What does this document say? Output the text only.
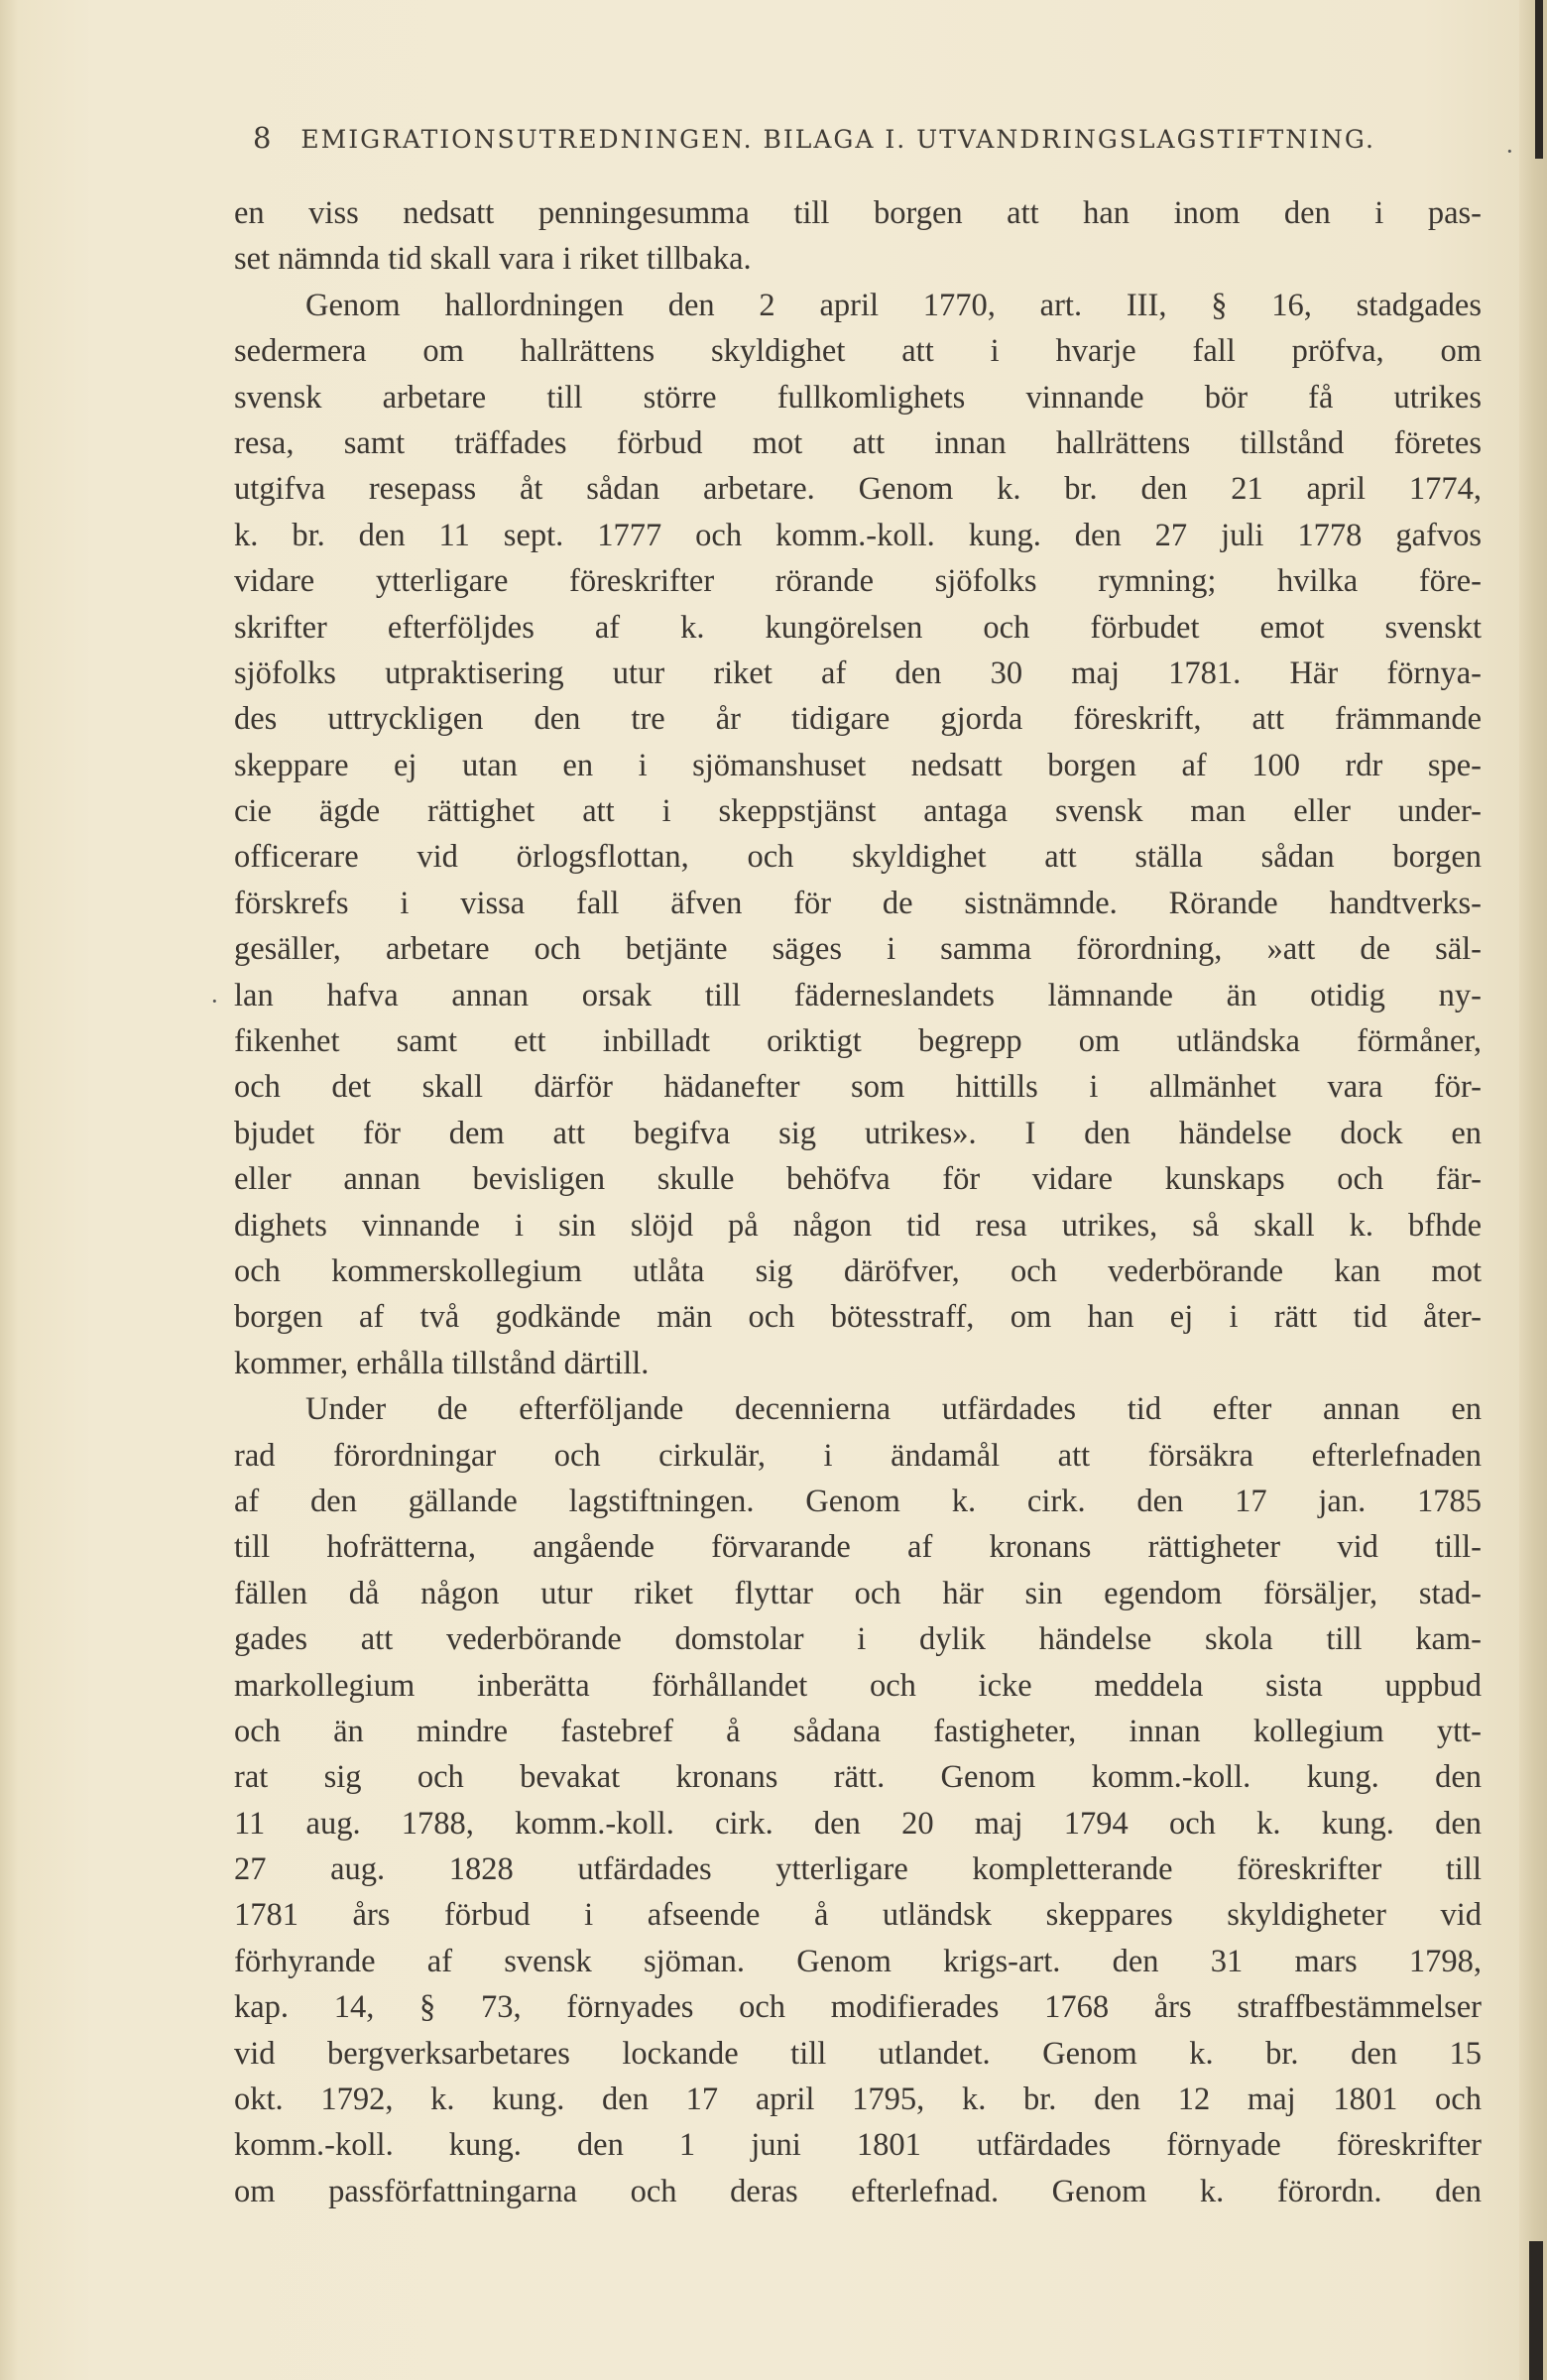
8 EMIGRATIONSUTREDNINGEN. BILAGA I. UTVANDRINGSLAGSTIFTNING.
en viss nedsatt penningesumma till borgen att han inom den i pas-
set nämnda tid skall vara i riket tillbaka.
Genom hallordningen den 2 april 1770, art. III, § 16, stadgades
sedermera om hallrättens skyldighet att i hvarje fall pröfva, om
svensk arbetare till större fullkomlighets vinnande bör få utrikes
resa, samt träffades förbud mot att innan hallrättens tillstånd företes
utgifva resepass åt sådan arbetare. Genom k. br. den 21 april 1774,
k. br. den 11 sept. 1777 och komm.-koll. kung. den 27 juli 1778 gafvos
vidare ytterligare föreskrifter rörande sjöfolks rymning; hvilka före-
skrifter efterföljdes af k. kungörelsen och förbudet emot svenskt
sjöfolks utpraktisering utur riket af den 30 maj 1781. Här förnya-
des uttryckligen den tre år tidigare gjorda föreskrift, att främmande
skeppare ej utan en i sjömanshuset nedsatt borgen af 100 rdr spe-
cie ägde rättighet att i skeppstjänst antaga svensk man eller under-
officerare vid örlogsflottan, och skyldighet att ställa sådan borgen
förskrefs i vissa fall äfven för de sistnämnde. Rörande handtverks-
gesäller, arbetare och betjänte säges i samma förordning, »att de säl-
lan hafva annan orsak till fäderneslandets lämnande än otidig ny-
fikenhet samt ett inbilladt oriktigt begrepp om utländska förmåner,
och det skall därför hädanefter som hittills i allmänhet vara för-
bjudet för dem att begifva sig utrikes». I den händelse dock en
eller annan bevisligen skulle behöfva för vidare kunskaps och fär-
dighets vinnande i sin slöjd på någon tid resa utrikes, så skall k. bfhde
och kommerskollegium utlåta sig däröfver, och vederbörande kan mot
borgen af två godkände män och bötesstraff, om han ej i rätt tid åter-
kommer, erhålla tillstånd därtill.
Under de efterföljande decennierna utfärdades tid efter annan en
rad förordningar och cirkulär, i ändamål att försäkra efterlefnaden
af den gällande lagstiftningen. Genom k. cirk. den 17 jan. 1785
till hofrätterna, angående förvarande af kronans rättigheter vid till-
fällen då någon utur riket flyttar och här sin egendom försäljer, stad-
gades att vederbörande domstolar i dylik händelse skola till kam-
markollegium inberätta förhållandet och icke meddela sista uppbud
och än mindre fastebref å sådana fastigheter, innan kollegium ytt-
rat sig och bevakat kronans rätt. Genom komm.-koll. kung. den
11 aug. 1788, komm.-koll. cirk. den 20 maj 1794 och k. kung. den
27 aug. 1828 utfärdades ytterligare kompletterande föreskrifter till
1781 års förbud i afseende å utländsk skeppares skyldigheter vid
förhyrande af svensk sjöman. Genom krigs-art. den 31 mars 1798,
kap. 14, § 73, förnyades och modifierades 1768 års straffbestämmelser
vid bergverksarbetares lockande till utlandet. Genom k. br. den 15
okt. 1792, k. kung. den 17 april 1795, k. br. den 12 maj 1801 och
komm.-koll. kung. den 1 juni 1801 utfärdades förnyade föreskrifter
om passförfattningarna och deras efterlefnad. Genom k. förordn. den
·
·
